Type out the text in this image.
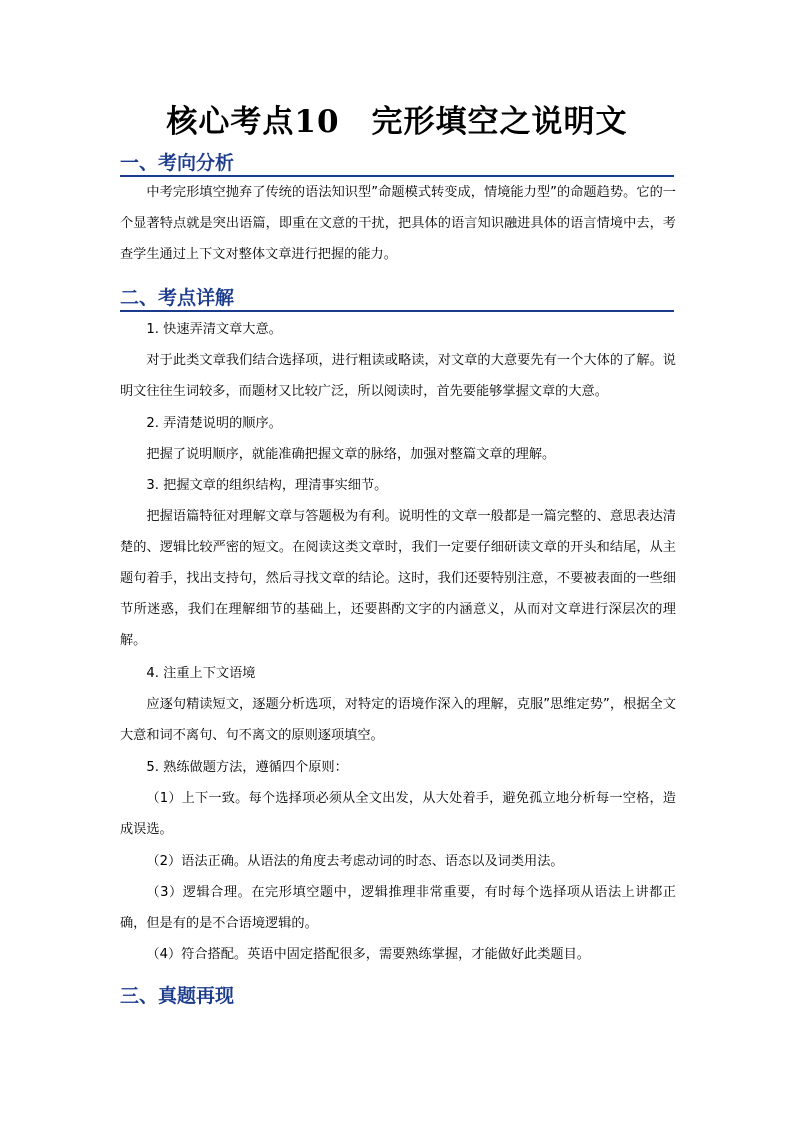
核心考点10　完形填空之说明文
一、考向分析
中考完形填空抛弃了传统的语法知识型”命题模式转变成，情境能力型”的命题趋势。它的一个显著特点就是突出语篇，即重在文意的干扰，把具体的语言知识融进具体的语言情境中去，考查学生通过上下文对整体文章进行把握的能力。
二、考点详解
1. 快速弄清文章大意。
对于此类文章我们结合选择项，进行粗读或略读，对文章的大意要先有一个大体的了解。说明文往往生词较多，而题材又比较广泛，所以阅读时，首先要能够掌握文章的大意。
2. 弄清楚说明的顺序。
把握了说明顺序，就能准确把握文章的脉络，加强对整篇文章的理解。
3. 把握文章的组织结构，理清事实细节。
把握语篇特征对理解文章与答题极为有利。说明性的文章一般都是一篇完整的、意思表达清楚的、逻辑比较严密的短文。在阅读这类文章时，我们一定要仔细研读文章的开头和结尾，从主题句着手，找出支持句，然后寻找文章的结论。这时，我们还要特别注意，不要被表面的一些细节所迷惑，我们在理解细节的基础上，还要斟酌文字的内涵意义，从而对文章进行深层次的理解。
4. 注重上下文语境
应逐句精读短文，逐题分析选项，对特定的语境作深入的理解，克服”思维定势”，根据全文大意和词不离句、句不离文的原则逐项填空。
5. 熟练做题方法，遵循四个原则：
（1）上下一致。每个选择项必须从全文出发，从大处着手，避免孤立地分析每一空格，造成误选。
（2）语法正确。从语法的角度去考虑动词的时态、语态以及词类用法。
（3）逻辑合理。在完形填空题中，逻辑推理非常重要，有时每个选择项从语法上讲都正确，但是有的是不合语境逻辑的。
（4）符合搭配。英语中固定搭配很多，需要熟练掌握，才能做好此类题目。
三、真题再现
